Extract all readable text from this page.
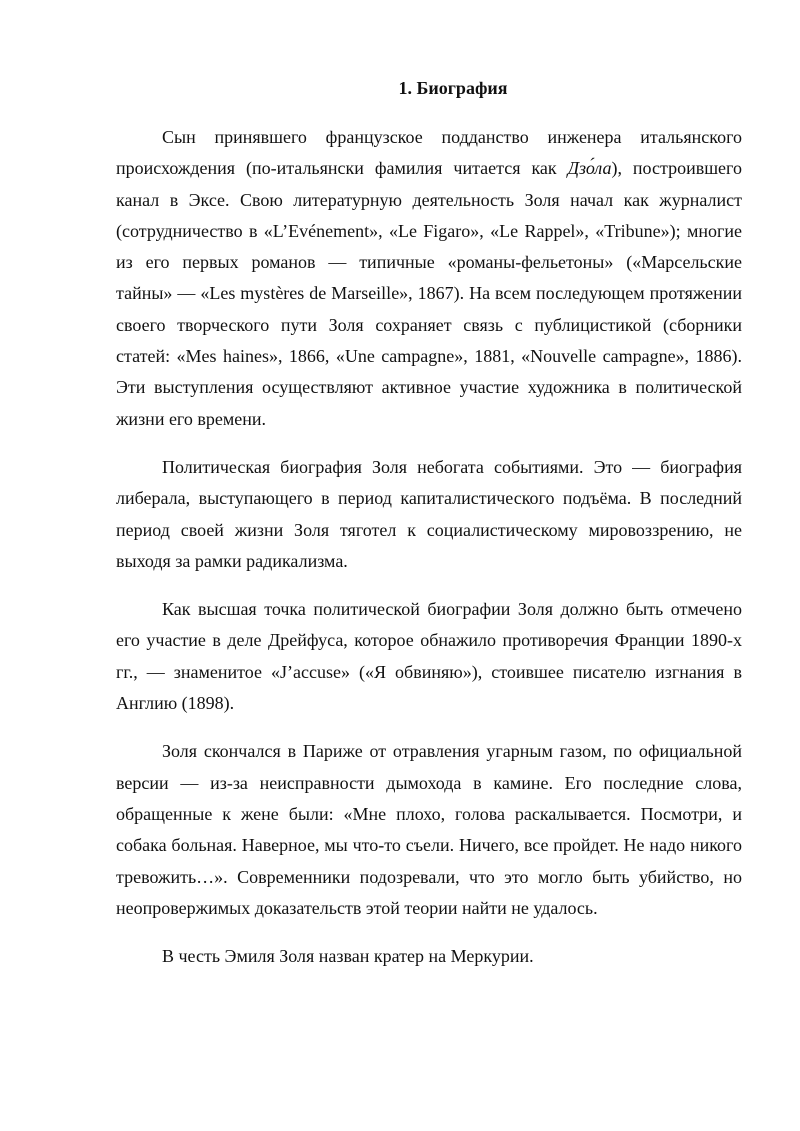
1. Биография

Сын принявшего французское подданство инженера итальянского происхождения (по-итальянски фамилия читается как Дзо́ла), построившего канал в Эксе. Свою литературную деятельность Золя начал как журналист (сотрудничество в «L’Evénement», «Le Figaro», «Le Rappel», «Tribune»); многие из его первых романов — типичные «романы-фельетоны» («Марсельские тайны» — «Les mystères de Marseille», 1867). На всем последующем протяжении своего творческого пути Золя сохраняет связь с публицистикой (сборники статей: «Mes haines», 1866, «Une campagne», 1881, «Nouvelle campagne», 1886). Эти выступления осуществляют активное участие художника в политической жизни его времени.

Политическая биография Золя небогата событиями. Это — биография либерала, выступающего в период капиталистического подъёма. В последний период своей жизни Золя тяготел к социалистическому мировоззрению, не выходя за рамки радикализма.

Как высшая точка политической биографии Золя должно быть отмечено его участие в деле Дрейфуса, которое обнажило противоречия Франции 1890-х гг., — знаменитое «J’accuse» («Я обвиняю»), стоившее писателю изгнания в Англию (1898).

Золя скончался в Париже от отравления угарным газом, по официальной версии — из-за неисправности дымохода в камине. Его последние слова, обращенные к жене были: «Мне плохо, голова раскалывается. Посмотри, и собака больная. Наверное, мы что-то съели. Ничего, все пройдет. Не надо никого тревожить…». Современники подозревали, что это могло быть убийство, но неопровержимых доказательств этой теории найти не удалось.

В честь Эмиля Золя назван кратер на Меркурии.
